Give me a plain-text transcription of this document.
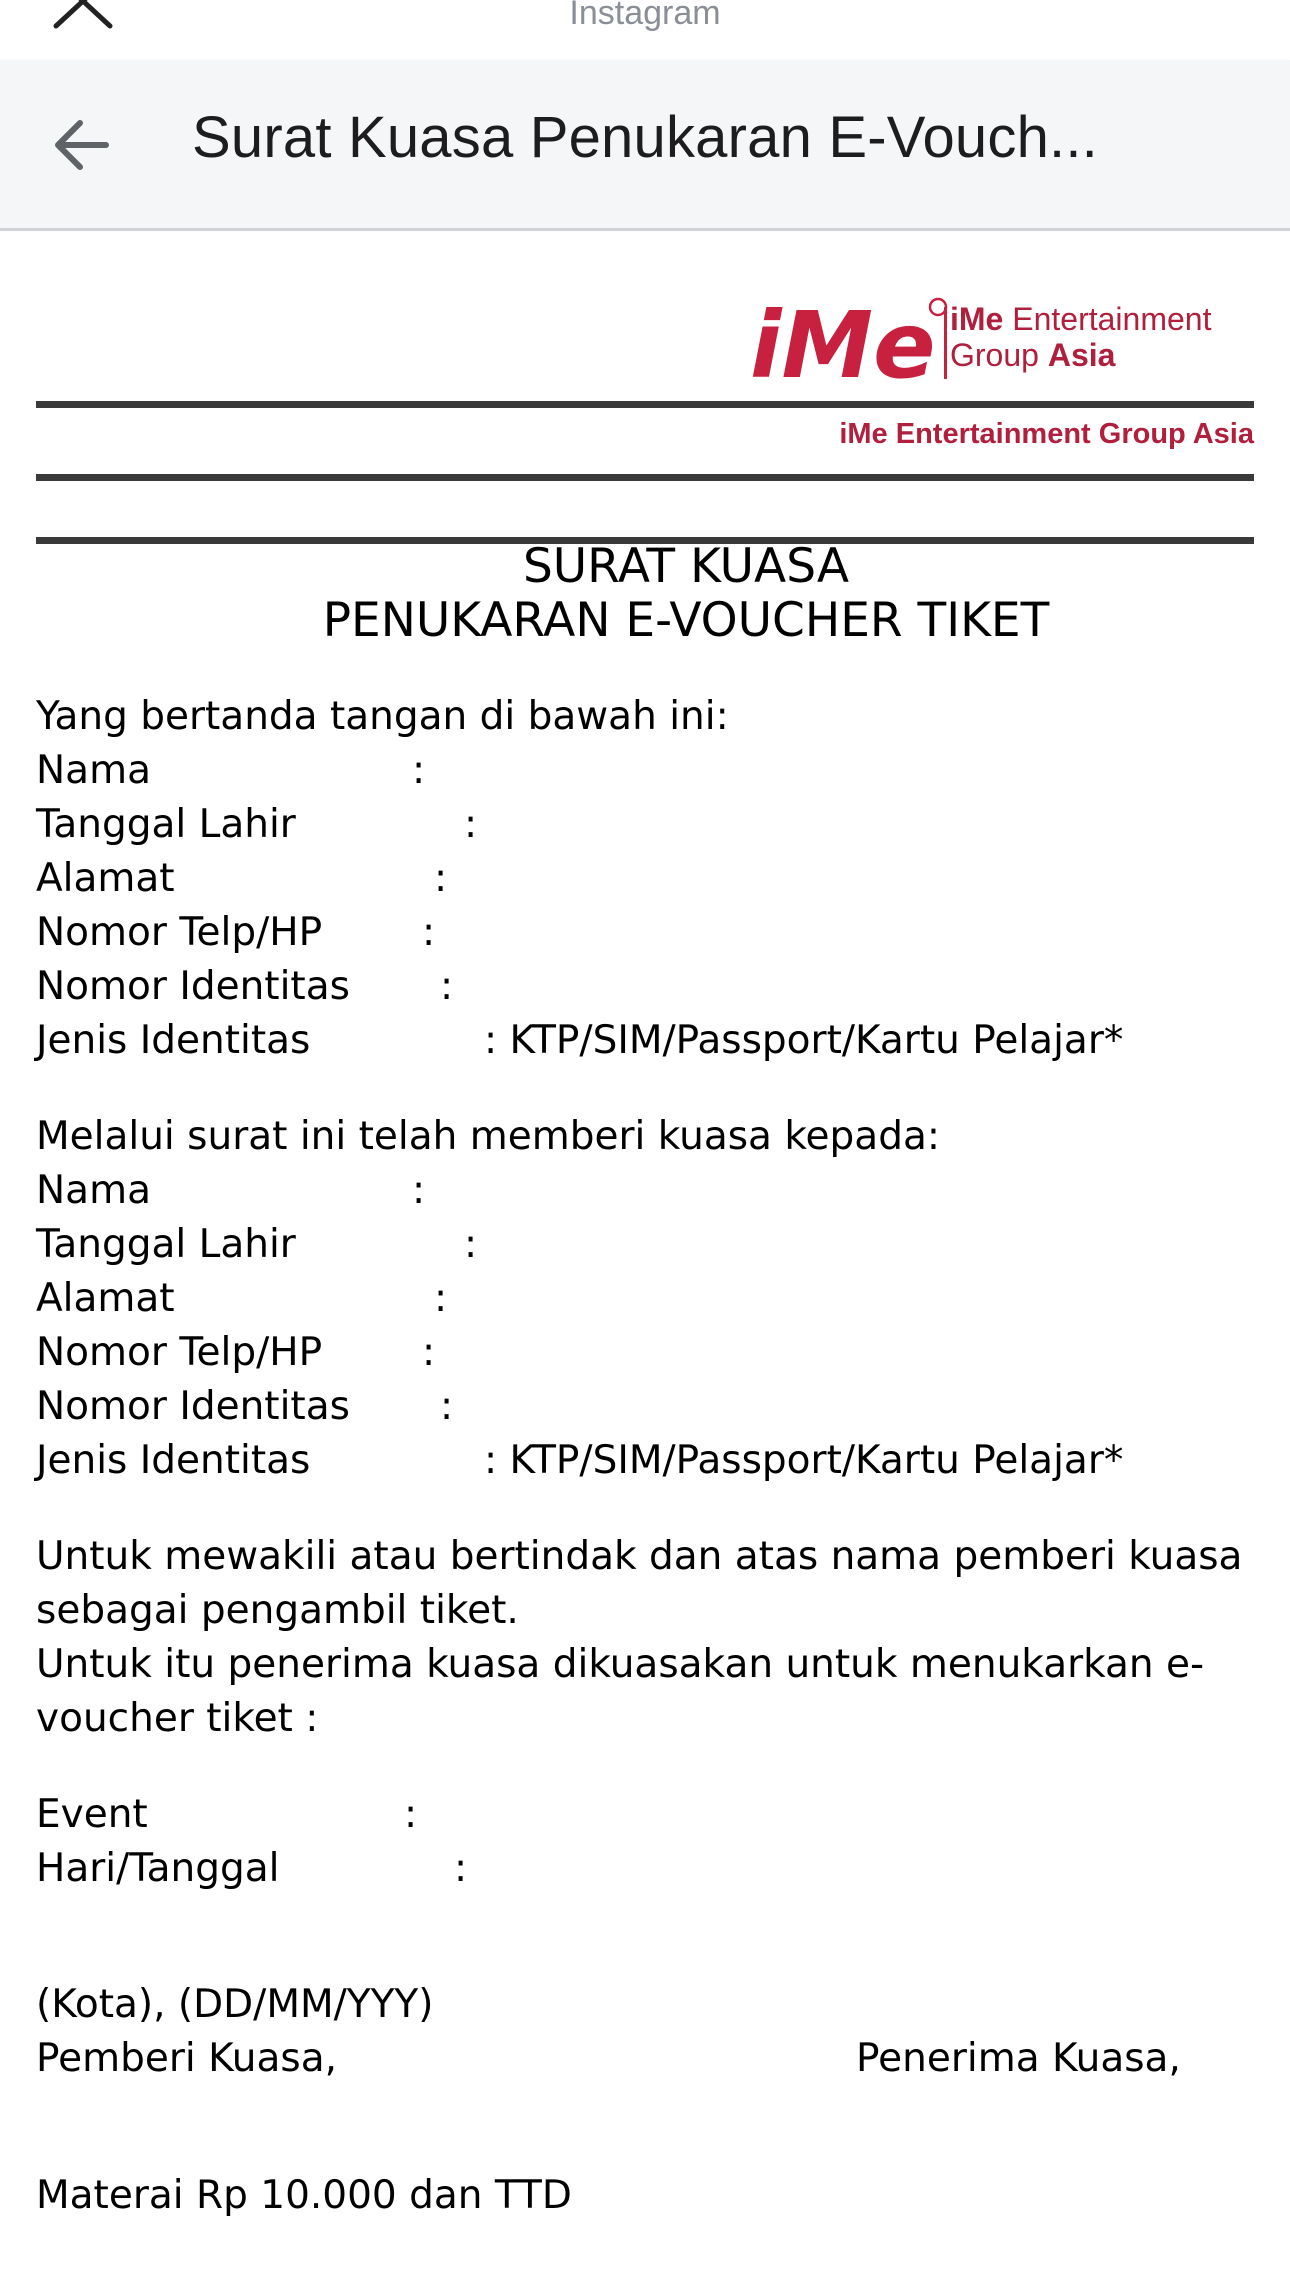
Instagram
Surat Kuasa Penukaran E-Vouch...
iMe iMe Entertainment
Group Asia
iMe Entertainment Group Asia
SURAT KUASA
PENUKARAN E-VOUCHER TIKET
Yang bertanda tangan di bawah ini:
Nama	:
Tanggal Lahir	:
Alamat	:
Nomor Telp/HP	:
Nomor Identitas :
Jenis Identitas	: KTP/SIM/Passport/Kartu Pelajar*
Melalui surat ini telah memberi kuasa kepada:
Nama	:
Tanggal Lahir	:
Alamat	:
Nomor Telp/HP	:
Nomor Identitas :
Jenis Identitas	: KTP/SIM/Passport/Kartu Pelajar*
Untuk mewakili atau bertindak dan atas nama pemberi kuasa
sebagai pengambil tiket.
Untuk itu penerima kuasa dikuasakan untuk menukarkan e-
voucher tiket :
Event	:
Hari/Tanggal	:
(Kota), (DD/MM/YYY)
Pemberi Kuasa,	Penerima Kuasa,
Materai Rp 10.000 dan TTD
